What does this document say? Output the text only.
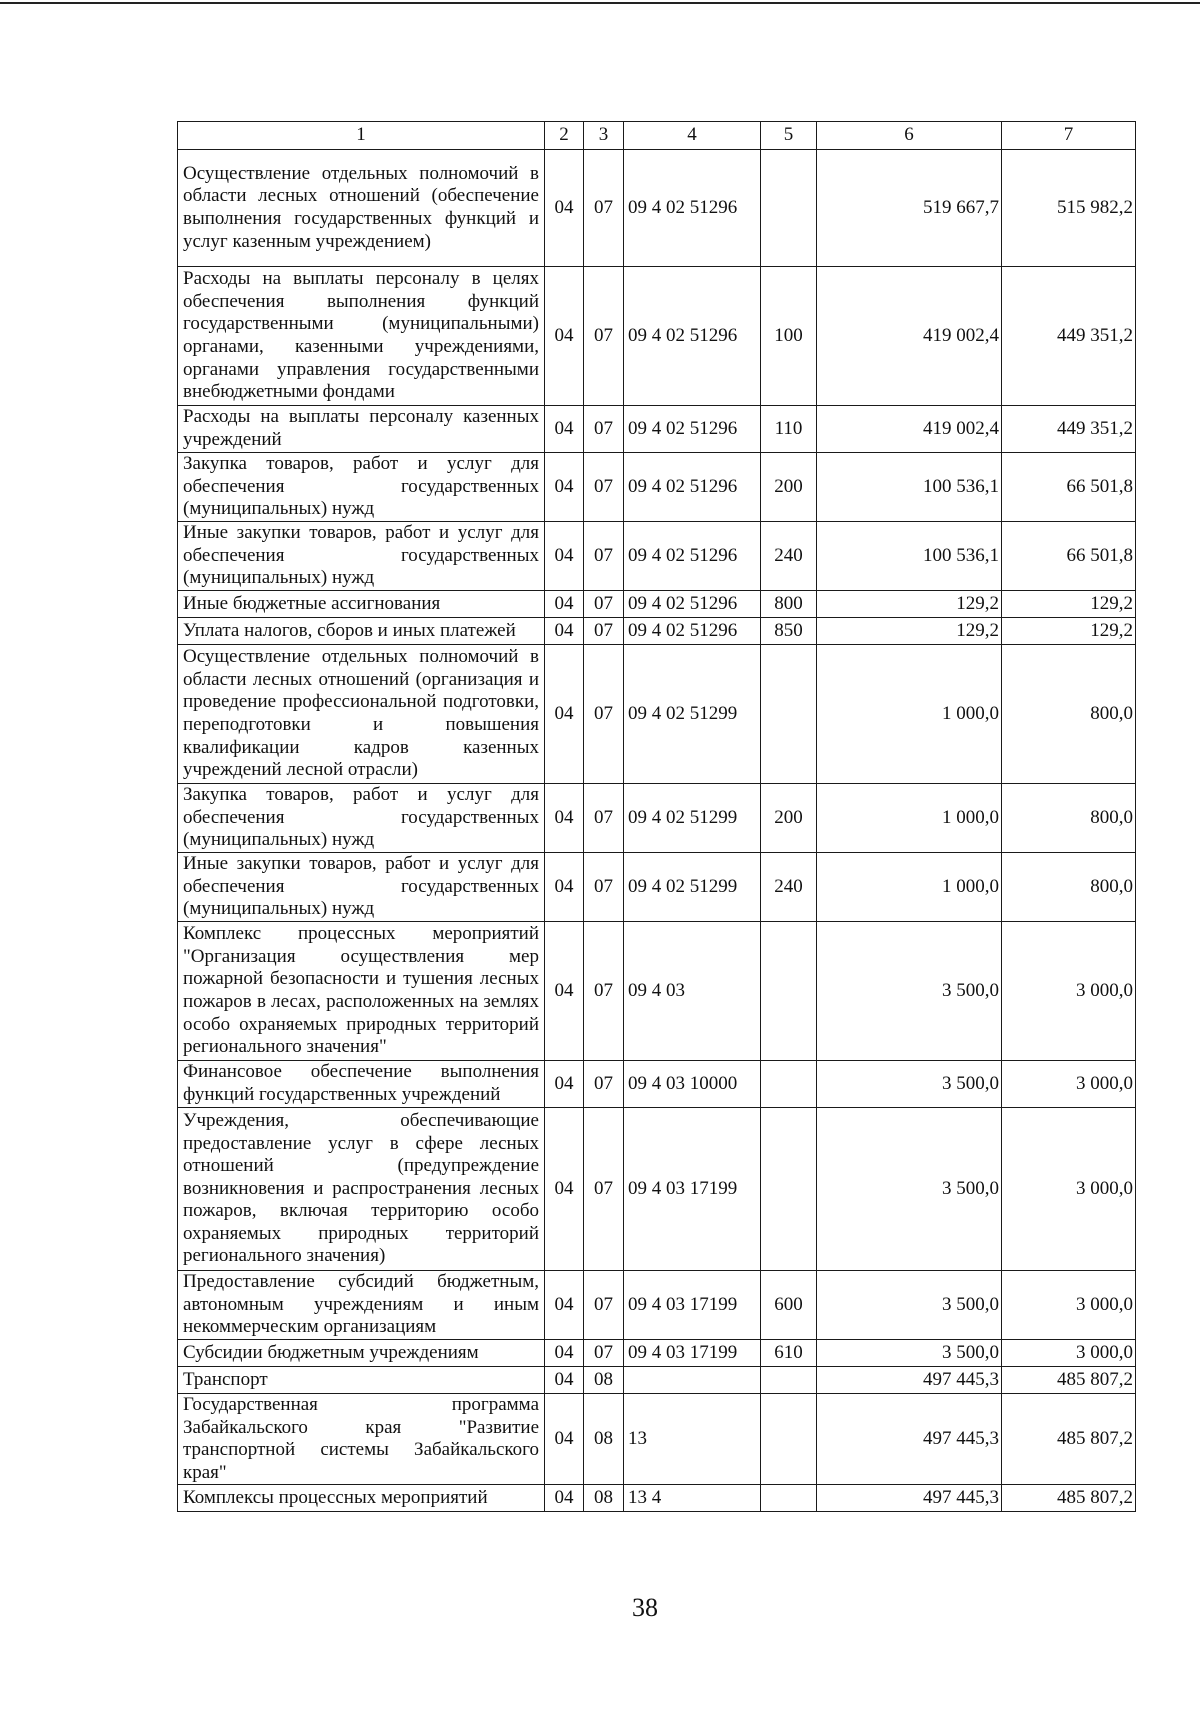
1	2	3	4	5	6	7
Осуществление отдельных полномочий в области лесных отношений (обеспечение выполнения государственных функций и услуг казенным учреждением)	04	07	09 4 02 51296		519 667,7	515 982,2
Расходы на выплаты персоналу в целях обеспечения выполнения функций государственными (муниципальными) органами, казенными учреждениями, органами управления государственными внебюджетными фондами	04	07	09 4 02 51296	100	419 002,4	449 351,2
Расходы на выплаты персоналу казенных учреждений	04	07	09 4 02 51296	110	419 002,4	449 351,2
Закупка товаров, работ и услуг для обеспечения государственных (муниципальных) нужд	04	07	09 4 02 51296	200	100 536,1	66 501,8
Иные закупки товаров, работ и услуг для обеспечения государственных (муниципальных) нужд	04	07	09 4 02 51296	240	100 536,1	66 501,8
Иные бюджетные ассигнования	04	07	09 4 02 51296	800	129,2	129,2
Уплата налогов, сборов и иных платежей	04	07	09 4 02 51296	850	129,2	129,2
Осуществление отдельных полномочий в области лесных отношений (организация и проведение профессиональной подготовки, переподготовки и повышения квалификации кадров казенных учреждений лесной отрасли)	04	07	09 4 02 51299		1 000,0	800,0
Закупка товаров, работ и услуг для обеспечения государственных (муниципальных) нужд	04	07	09 4 02 51299	200	1 000,0	800,0
Иные закупки товаров, работ и услуг для обеспечения государственных (муниципальных) нужд	04	07	09 4 02 51299	240	1 000,0	800,0
Комплекс процессных мероприятий "Организация осуществления мер пожарной безопасности и тушения лесных пожаров в лесах, расположенных на землях особо охраняемых природных территорий регионального значения"	04	07	09 4 03		3 500,0	3 000,0
Финансовое обеспечение выполнения функций государственных учреждений	04	07	09 4 03 10000		3 500,0	3 000,0
Учреждения, обеспечивающие предоставление услуг в сфере лесных отношений (предупреждение возникновения и распространения лесных пожаров, включая территорию особо охраняемых природных территорий регионального значения)	04	07	09 4 03 17199		3 500,0	3 000,0
Предоставление субсидий бюджетным, автономным учреждениям и иным некоммерческим организациям	04	07	09 4 03 17199	600	3 500,0	3 000,0
Субсидии бюджетным учреждениям	04	07	09 4 03 17199	610	3 500,0	3 000,0
Транспорт	04	08			497 445,3	485 807,2
Государственная программа Забайкальского края "Развитие транспортной системы Забайкальского края"	04	08	13		497 445,3	485 807,2
Комплексы процессных мероприятий	04	08	13 4		497 445,3	485 807,2
38
